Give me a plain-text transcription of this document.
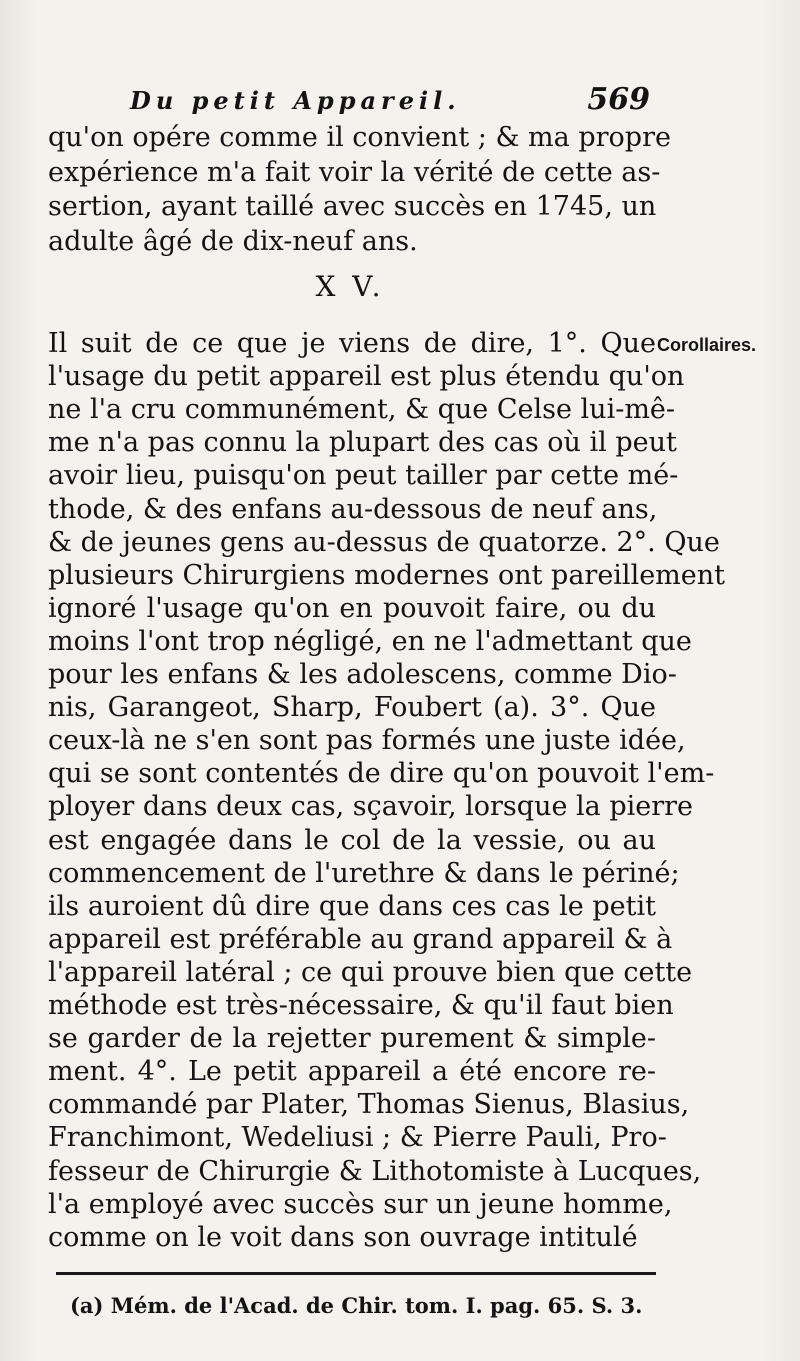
Du petit Appareil.	569
qu'on opére comme il convient ; & ma propre
expérience m'a fait voir la vérité de cette as-
sertion, ayant taillé avec succès en 1745, un
adulte âgé de dix-neuf ans.
X V.
Corollaires.
Il suit de ce que je viens de dire, 1°. Que
l'usage du petit appareil est plus étendu qu'on
ne l'a cru communément, & que Celse lui-mê-
me n'a pas connu la plupart des cas où il peut
avoir lieu, puisqu'on peut tailler par cette mé-
thode, & des enfans au-dessous de neuf ans,
& de jeunes gens au-dessus de quatorze. 2°. Que
plusieurs Chirurgiens modernes ont pareillement
ignoré l'usage qu'on en pouvoit faire, ou du
moins l'ont trop négligé, en ne l'admettant que
pour les enfans & les adolescens, comme Dio-
nis, Garangeot, Sharp, Foubert (a). 3°. Que
ceux-là ne s'en sont pas formés une juste idée,
qui se sont contentés de dire qu'on pouvoit l'em-
ployer dans deux cas, sçavoir, lorsque la pierre
est engagée dans le col de la vessie, ou au
commencement de l'urethre & dans le périné;
ils auroient dû dire que dans ces cas le petit
appareil est préférable au grand appareil & à
l'appareil latéral ; ce qui prouve bien que cette
méthode est très-nécessaire, & qu'il faut bien
se garder de la rejetter purement & simple-
ment. 4°. Le petit appareil a été encore re-
commandé par Plater, Thomas Sienus, Blasius,
Franchimont, Wedeliusi ; & Pierre Pauli, Pro-
fesseur de Chirurgie & Lithotomiste à Lucques,
l'a employé avec succès sur un jeune homme,
comme on le voit dans son ouvrage intitulé
(a) Mém. de l'Acad. de Chir. tom. I. pag. 65. S. 3.
